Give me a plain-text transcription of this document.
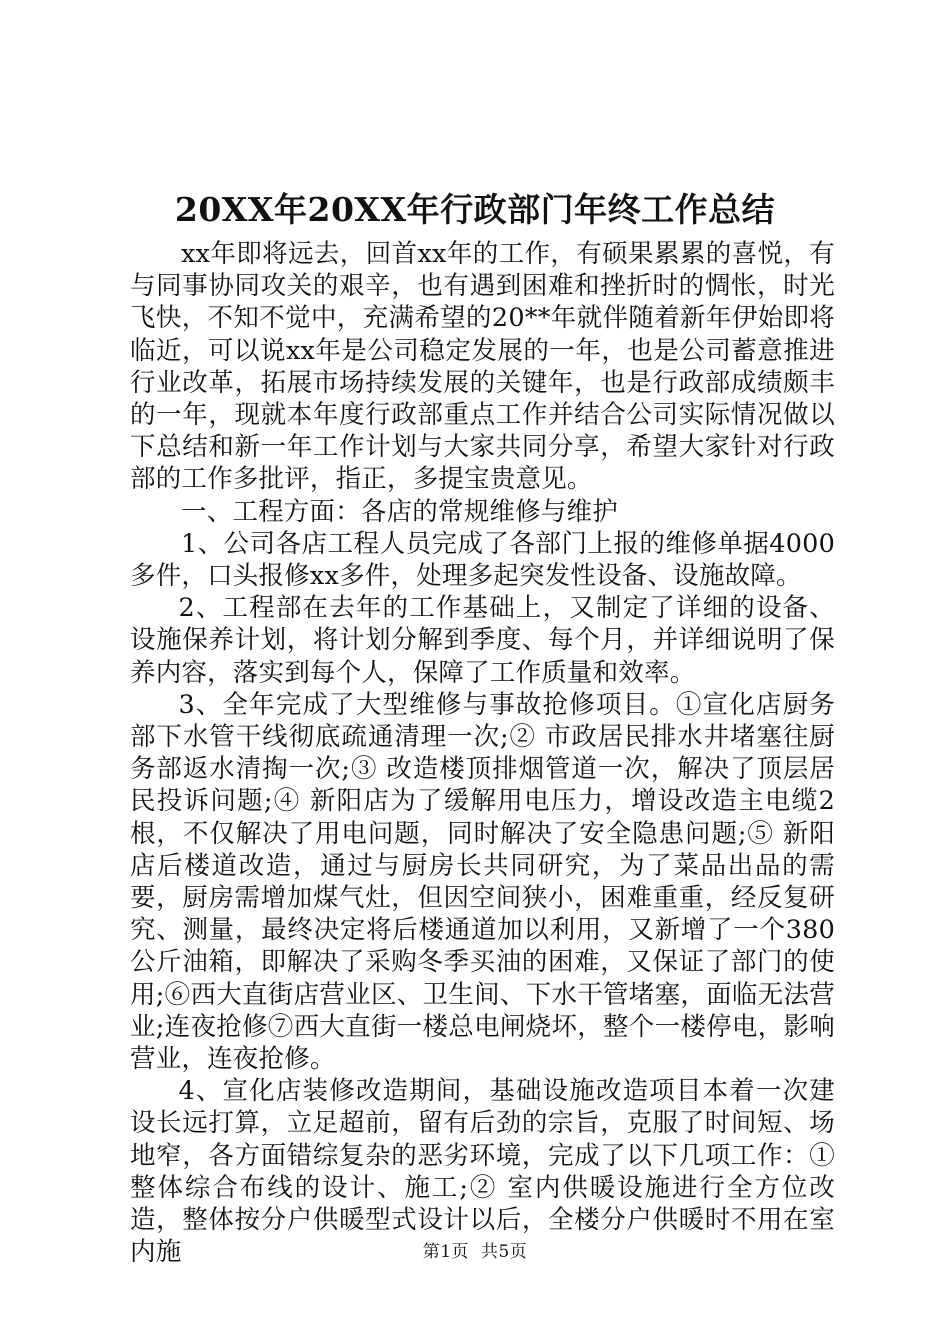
20XX年20XX年行政部门年终工作总结

xx年即将远去，回首xx年的工作，有硕果累累的喜悦，有与同事协同攻关的艰辛，也有遇到困难和挫折时的惆怅，时光飞快，不知不觉中，充满希望的20**年就伴随着新年伊始即将临近，可以说xx年是公司稳定发展的一年，也是公司蓄意推进行业改革，拓展市场持续发展的关键年，也是行政部成绩颇丰的一年，现就本年度行政部重点工作并结合公司实际情况做以下总结和新一年工作计划与大家共同分享，希望大家针对行政部的工作多批评，指正，多提宝贵意见。

一、工程方面：各店的常规维修与维护

1、公司各店工程人员完成了各部门上报的维修单据4000多件，口头报修xx多件，处理多起突发性设备、设施故障。

2、工程部在去年的工作基础上，又制定了详细的设备、设施保养计划，将计划分解到季度、每个月，并详细说明了保养内容，落实到每个人，保障了工作质量和效率。

3、全年完成了大型维修与事故抢修项目。①宣化店厨务部下水管干线彻底疏通清理一次;② 市政居民排水井堵塞往厨务部返水清掏一次;③ 改造楼顶排烟管道一次，解决了顶层居民投诉问题;④ 新阳店为了缓解用电压力，增设改造主电缆2根，不仅解决了用电问题，同时解决了安全隐患问题;⑤ 新阳店后楼道改造，通过与厨房长共同研究，为了菜品出品的需要，厨房需增加煤气灶，但因空间狭小，困难重重，经反复研究、测量，最终决定将后楼通道加以利用，又新增了一个380公斤油箱，即解决了采购冬季买油的困难，又保证了部门的使用;⑥西大直街店营业区、卫生间、下水干管堵塞，面临无法营业;连夜抢修⑦西大直街一楼总电闸烧坏，整个一楼停电，影响营业，连夜抢修。

4、宣化店装修改造期间，基础设施改造项目本着一次建设长远打算，立足超前，留有后劲的宗旨，克服了时间短、场地窄，各方面错综复杂的恶劣环境，完成了以下几项工作：①整体综合布线的设计、施工;② 室内供暖设施进行全方位改造，整体按分户供暖型式设计以后，全楼分户供暖时不用在室内施	第1页 共5页
